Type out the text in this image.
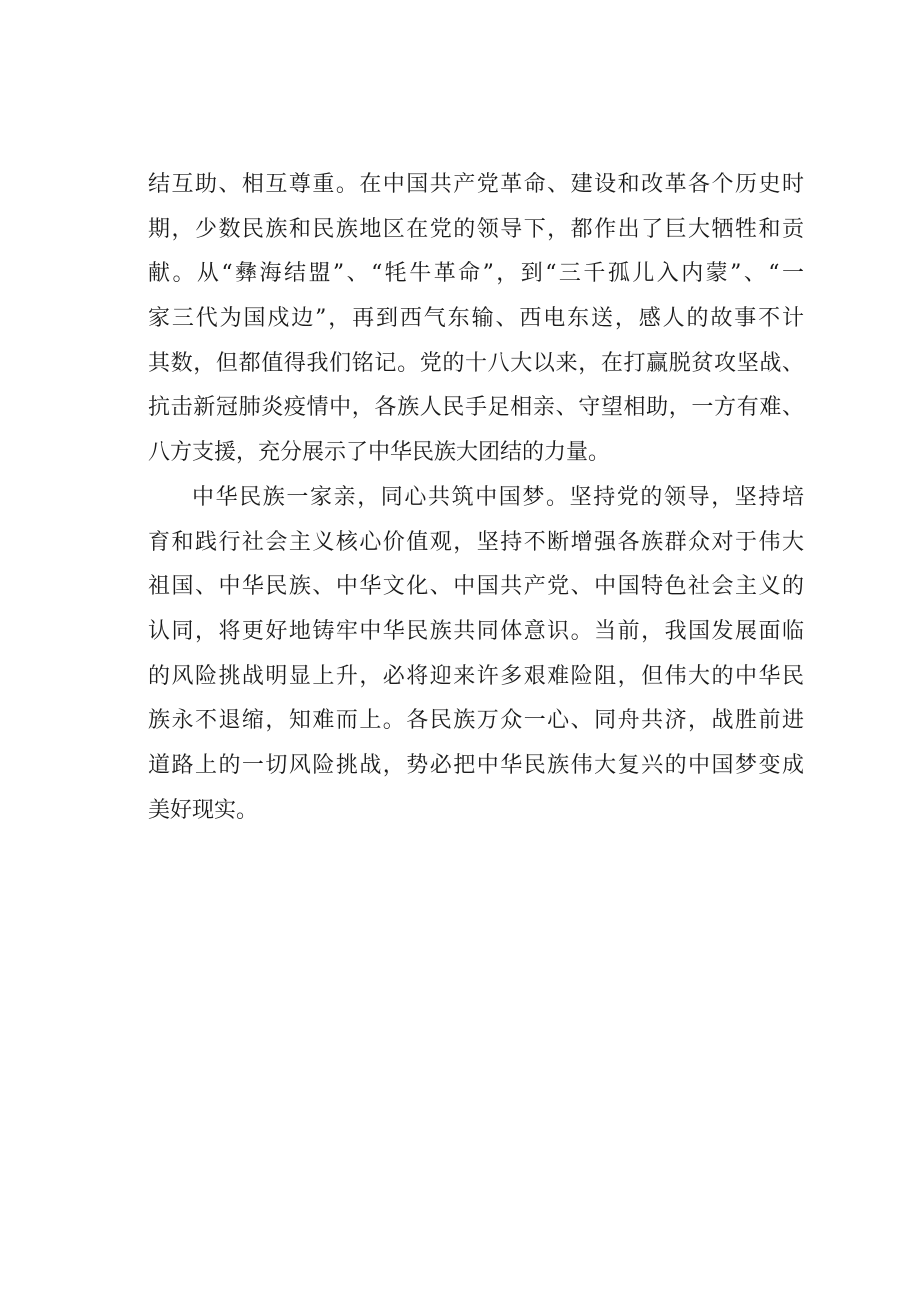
结互助、相互尊重。在中国共产党革命、建设和改革各个历史时
期，少数民族和民族地区在党的领导下，都作出了巨大牺牲和贡
献。从“彝海结盟”、“牦牛革命”，到“三千孤儿入内蒙”、“一
家三代为国戍边”，再到西气东输、西电东送，感人的故事不计
其数，但都值得我们铭记。党的十八大以来，在打赢脱贫攻坚战、
抗击新冠肺炎疫情中，各族人民手足相亲、守望相助，一方有难、
八方支援，充分展示了中华民族大团结的力量。
中华民族一家亲，同心共筑中国梦。坚持党的领导，坚持培
育和践行社会主义核心价值观，坚持不断增强各族群众对于伟大
祖国、中华民族、中华文化、中国共产党、中国特色社会主义的
认同，将更好地铸牢中华民族共同体意识。当前，我国发展面临
的风险挑战明显上升，必将迎来许多艰难险阻，但伟大的中华民
族永不退缩，知难而上。各民族万众一心、同舟共济，战胜前进
道路上的一切风险挑战，势必把中华民族伟大复兴的中国梦变成
美好现实。
